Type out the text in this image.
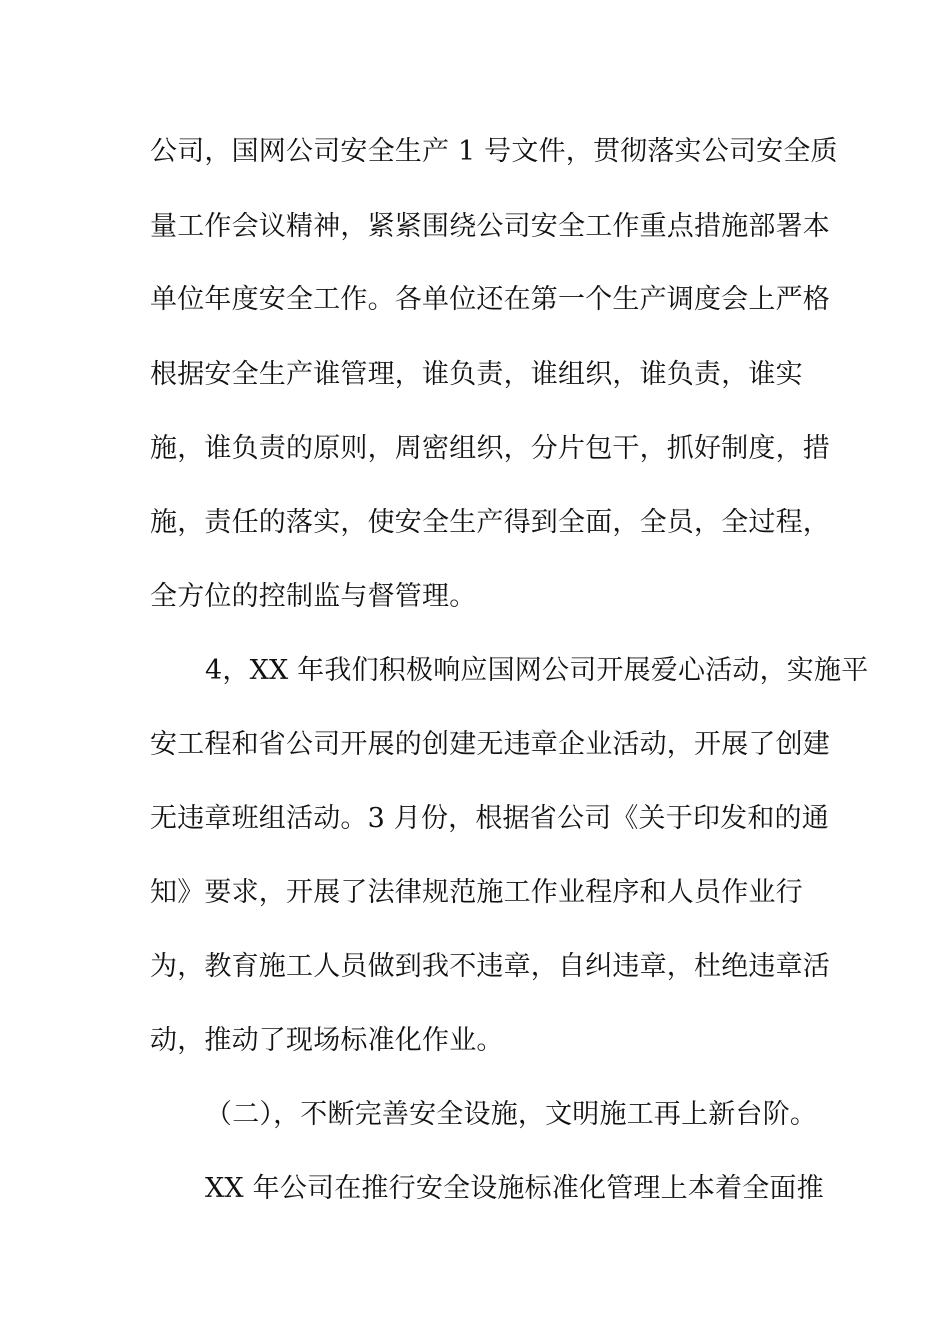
公司，国网公司安全生产 1 号文件，贯彻落实公司安全质

量工作会议精神，紧紧围绕公司安全工作重点措施部署本

单位年度安全工作。各单位还在第一个生产调度会上严格

根据安全生产谁管理，谁负责，谁组织，谁负责，谁实

施，谁负责的原则，周密组织，分片包干，抓好制度，措

施，责任的落实，使安全生产得到全面，全员，全过程，

全方位的控制监与督管理。

4，XX 年我们积极响应国网公司开展爱心活动，实施平

安工程和省公司开展的创建无违章企业活动，开展了创建

无违章班组活动。3 月份，根据省公司《关于印发和的通

知》要求，开展了法律规范施工作业程序和人员作业行

为，教育施工人员做到我不违章，自纠违章，杜绝违章活

动，推动了现场标准化作业。

（二），不断完善安全设施，文明施工再上新台阶。

XX 年公司在推行安全设施标准化管理上本着全面推
